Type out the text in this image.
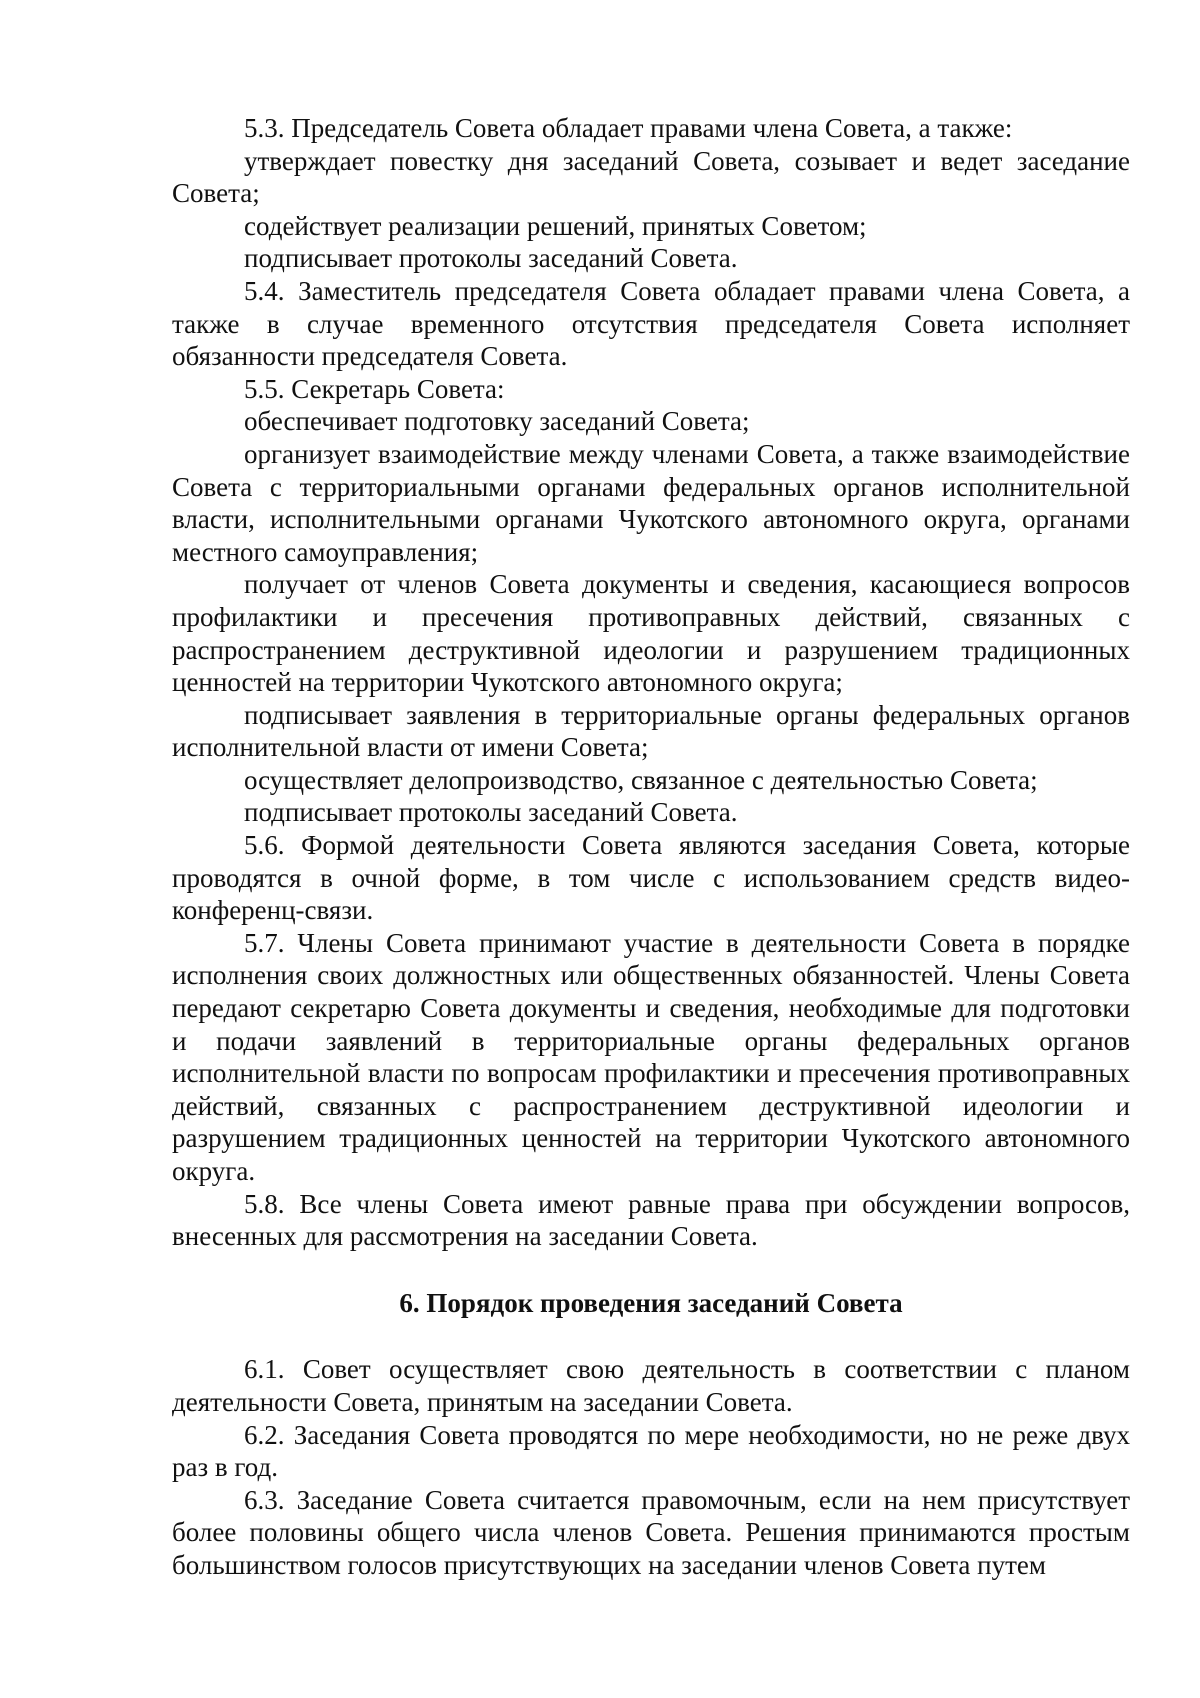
5.3. Председатель Совета обладает правами члена Совета, а также:

утверждает повестку дня заседаний Совета, созывает и ведет заседание Совета;

содействует реализации решений, принятых Советом;

подписывает протоколы заседаний Совета.

5.4. Заместитель председателя Совета обладает правами члена Совета, а также в случае временного отсутствия председателя Совета исполняет обязанности председателя Совета.

5.5. Секретарь Совета:

обеспечивает подготовку заседаний Совета;

организует взаимодействие между членами Совета, а также взаимодействие Совета с территориальными органами федеральных органов исполнительной власти, исполнительными органами Чукотского автономного округа, органами местного самоуправления;

получает от членов Совета документы и сведения, касающиеся вопросов профилактики и пресечения противоправных действий, связанных с распространением деструктивной идеологии и разрушением традиционных ценностей на территории Чукотского автономного округа;

подписывает заявления в территориальные органы федеральных органов исполнительной власти от имени Совета;

осуществляет делопроизводство, связанное с деятельностью Совета;

подписывает протоколы заседаний Совета.

5.6. Формой деятельности Совета являются заседания Совета, которые проводятся в очной форме, в том числе с использованием средств видео-конференц-связи.

5.7. Члены Совета принимают участие в деятельности Совета в порядке исполнения своих должностных или общественных обязанностей. Члены Совета передают секретарю Совета документы и сведения, необходимые для подготовки и подачи заявлений в территориальные органы федеральных органов исполнительной власти по вопросам профилактики и пресечения противоправных действий, связанных с распространением деструктивной идеологии и разрушением традиционных ценностей на территории Чукотского автономного округа.

5.8. Все члены Совета имеют равные права при обсуждении вопросов, внесенных для рассмотрения на заседании Совета.

6. Порядок проведения заседаний Совета

6.1. Совет осуществляет свою деятельность в соответствии с планом деятельности Совета, принятым на заседании Совета.

6.2. Заседания Совета проводятся по мере необходимости, но не реже двух раз в год.

6.3. Заседание Совета считается правомочным, если на нем присутствует более половины общего числа членов Совета. Решения принимаются простым большинством голосов присутствующих на заседании членов Совета путем
